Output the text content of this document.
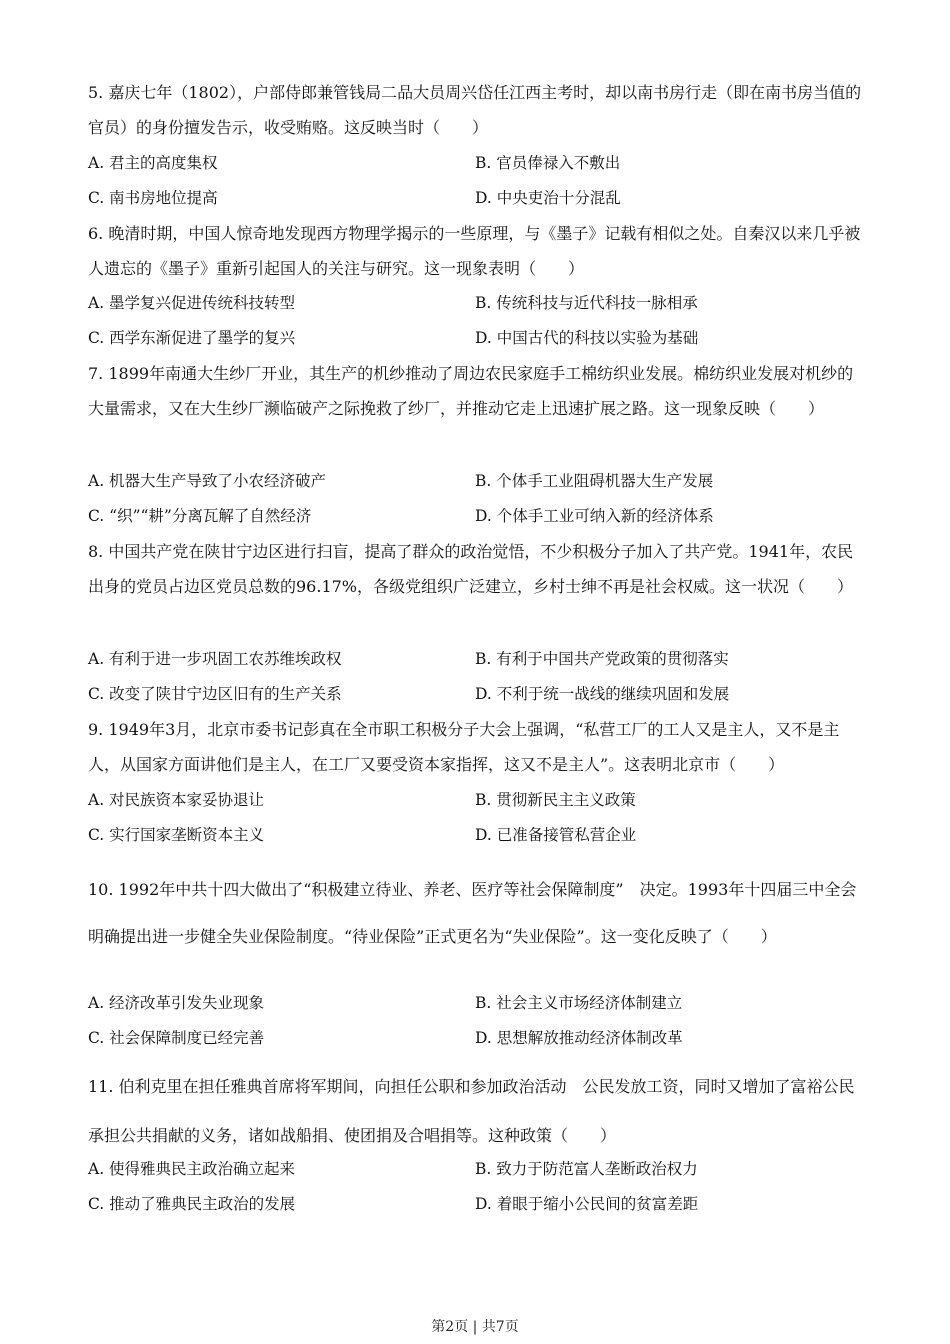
5. 嘉庆七年（1802），户部侍郎兼管钱局二品大员周兴岱任江西主考时，却以南书房行走（即在南书房当值的官员）的身份擅发告示，收受贿赂。这反映当时（　　）
A. 君主的高度集权	B. 官员俸禄入不敷出
C. 南书房地位提高	D. 中央吏治十分混乱
6. 晚清时期，中国人惊奇地发现西方物理学揭示的一些原理，与《墨子》记载有相似之处。自秦汉以来几乎被人遗忘的《墨子》重新引起国人的关注与研究。这一现象表明（　　）
A. 墨学复兴促进传统科技转型	B. 传统科技与近代科技一脉相承
C. 西学东渐促进了墨学的复兴	D. 中国古代的科技以实验为基础
7. 1899年南通大生纱厂开业，其生产的机纱推动了周边农民家庭手工棉纺织业发展。棉纺织业发展对机纱的大量需求，又在大生纱厂濒临破产之际挽救了纱厂，并推动它走上迅速扩展之路。这一现象反映（　　）
A. 机器大生产导致了小农经济破产	B. 个体手工业阻碍机器大生产发展
C. “织”“耕”分离瓦解了自然经济	D. 个体手工业可纳入新的经济体系
8. 中国共产党在陕甘宁边区进行扫盲，提高了群众的政治觉悟，不少积极分子加入了共产党。1941年，农民出身的党员占边区党员总数的96.17%，各级党组织广泛建立，乡村士绅不再是社会权威。这一状况（　　）
A. 有利于进一步巩固工农苏维埃政权	B. 有利于中国共产党政策的贯彻落实
C. 改变了陕甘宁边区旧有的生产关系	D. 不利于统一战线的继续巩固和发展
9. 1949年3月，北京市委书记彭真在全市职工积极分子大会上强调，“私营工厂的工人又是主人，又不是主人，从国家方面讲他们是主人，在工厂又要受资本家指挥，这又不是主人”。这表明北京市（　　）
A. 对民族资本家妥协退让	B. 贯彻新民主主义政策
C. 实行国家垄断资本主义	D. 已准备接管私营企业
10. 1992年中共十四大做出了“积极建立待业、养老、医疗等社会保障制度”　决定。1993年十四届三中全会明确提出进一步健全失业保险制度。“待业保险”正式更名为“失业保险”。这一变化反映了（　　）
A. 经济改革引发失业现象	B. 社会主义市场经济体制建立
C. 社会保障制度已经完善	D. 思想解放推动经济体制改革
11. 伯利克里在担任雅典首席将军期间，向担任公职和参加政治活动　公民发放工资，同时又增加了富裕公民承担公共捐献的义务，诸如战船捐、使团捐及合唱捐等。这种政策（　　）
A. 使得雅典民主政治确立起来	B. 致力于防范富人垄断政治权力
C. 推动了雅典民主政治的发展	D. 着眼于缩小公民间的贫富差距
第2页 | 共7页
